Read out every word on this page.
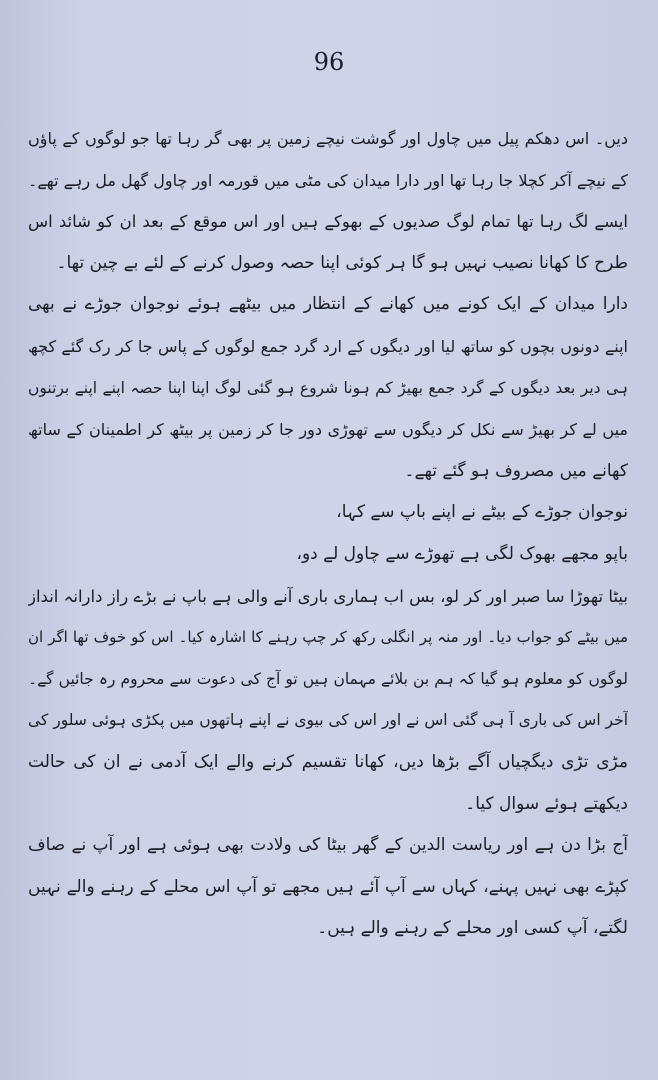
96
دیں۔ اس دھکم پیل میں چاول اور گوشت نیچے زمین پر بھی گر رہا تھا جو لوگوں کے پاؤں
کے نیچے آکر کچلا جا رہا تھا اور دارا میدان کی مٹی میں قورمہ اور چاول گھل مل رہے تھے۔
ایسے لگ رہا تھا تمام لوگ صدیوں کے بھوکے ہیں اور اس موقع کے بعد ان کو شائد اس
طرح کا کھانا نصیب نہیں ہو گا ہر کوئی اپنا حصہ وصول کرنے کے لئے بے چین تھا۔
دارا میدان کے ایک کونے میں کھانے کے انتظار میں بیٹھے ہوئے نوجوان جوڑے نے بھی
اپنے دونوں بچوں کو ساتھ لیا اور دیگوں کے ارد گرد جمع لوگوں کے پاس جا کر رک گئے کچھ
ہی دیر بعد دیگوں کے گرد جمع بھیڑ کم ہونا شروع ہو گئی لوگ اپنا اپنا حصہ اپنے اپنے برتنوں
میں لے کر بھیڑ سے نکل کر دیگوں سے تھوڑی دور جا کر زمین پر بیٹھ کر اطمینان کے ساتھ
کھانے میں مصروف ہو گئے تھے۔
نوجوان جوڑے کے بیٹے نے اپنے باپ سے کہا،
باپو مجھے بھوک لگی ہے تھوڑے سے چاول لے دو،
بیٹا تھوڑا سا صبر اور کر لو، بس اب ہماری باری آنے والی ہے باپ نے بڑے راز دارانہ انداز
میں بیٹے کو جواب دیا۔ اور منہ پر انگلی رکھ کر چپ رہنے کا اشارہ کیا۔ اس کو خوف تھا اگر ان
لوگوں کو معلوم ہو گیا کہ ہم بن بلائے مہمان ہیں تو آج کی دعوت سے محروم رہ جائیں گے۔
آخر اس کی باری آ ہی گئی اس نے اور اس کی بیوی نے اپنے ہاتھوں میں پکڑی ہوئی سلور کی
مڑی تڑی دیگچیاں آگے بڑھا دیں، کھانا تقسیم کرنے والے ایک آدمی نے ان کی حالت
دیکھتے ہوئے سوال کیا۔
آج بڑا دن ہے اور ریاست الدین کے گھر بیٹا کی ولادت بھی ہوئی ہے اور آپ نے صاف
کپڑے بھی نہیں پہنے، کہاں سے آپ آئے ہیں مجھے تو آپ اس محلے کے رہنے والے نہیں
لگتے، آپ کسی اور محلے کے رہنے والے ہیں۔
